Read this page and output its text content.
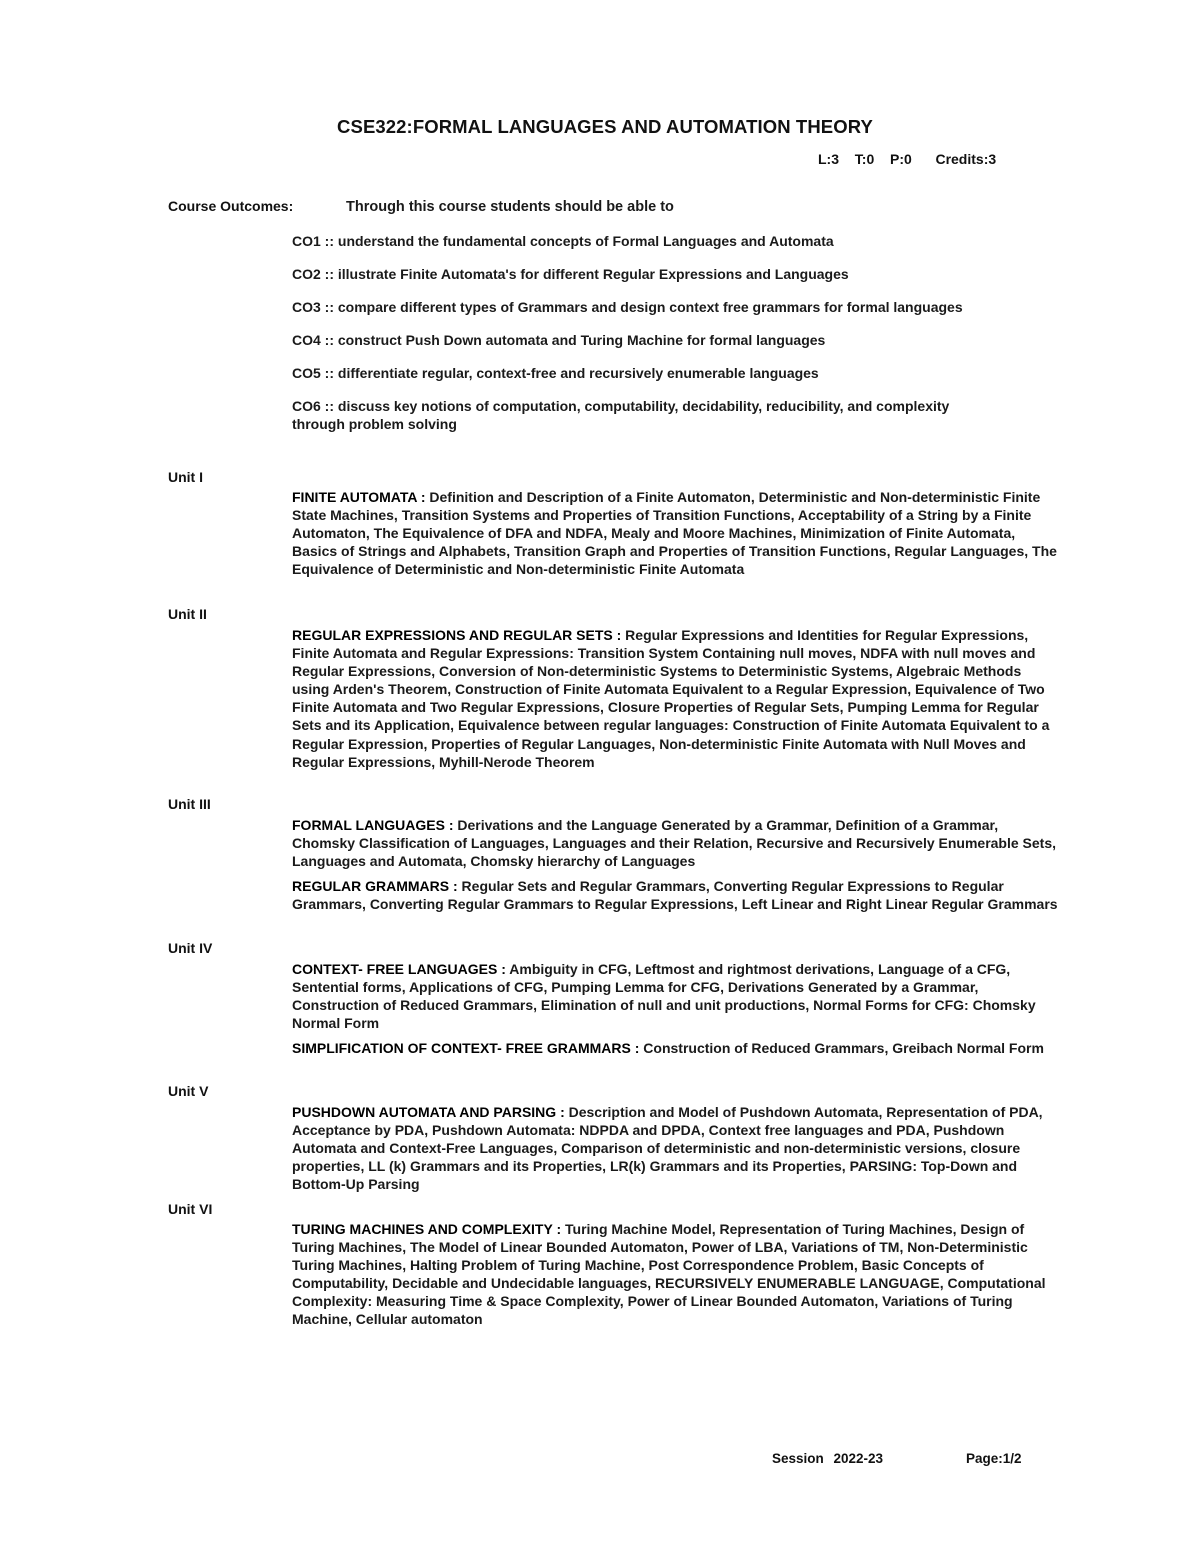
CSE322:FORMAL LANGUAGES AND AUTOMATION THEORY
L:3  T:0  P:0   Credits:3
Course Outcomes:	Through this course students should be able to
CO1 :: understand the fundamental concepts of Formal Languages and Automata
CO2 :: illustrate Finite Automata's for different Regular Expressions and Languages
CO3 :: compare different types of Grammars and design context free grammars for formal languages
CO4 :: construct Push Down automata and Turing Machine for formal languages
CO5 :: differentiate regular, context-free and recursively enumerable languages
CO6 :: discuss key notions of computation, computability, decidability, reducibility, and complexity through problem solving
Unit I

FINITE AUTOMATA : Definition and Description of a Finite Automaton, Deterministic and Non-deterministic Finite State Machines, Transition Systems and Properties of Transition Functions, Acceptability of a String by a Finite Automaton, The Equivalence of DFA and NDFA, Mealy and Moore Machines, Minimization of Finite Automata, Basics of Strings and Alphabets, Transition Graph and Properties of Transition Functions, Regular Languages, The Equivalence of Deterministic and Non-deterministic Finite Automata

Unit II

REGULAR EXPRESSIONS AND REGULAR SETS : Regular Expressions and Identities for Regular Expressions, Finite Automata and Regular Expressions: Transition System Containing null moves, NDFA with null moves and Regular Expressions, Conversion of Non-deterministic Systems to Deterministic Systems, Algebraic Methods using Arden's Theorem, Construction of Finite Automata Equivalent to a Regular Expression, Equivalence of Two Finite Automata and Two Regular Expressions, Closure Properties of Regular Sets, Pumping Lemma for Regular Sets and its Application, Equivalence between regular languages: Construction of Finite Automata Equivalent to a Regular Expression, Properties of Regular Languages, Non-deterministic Finite Automata with Null Moves and Regular Expressions, Myhill-Nerode Theorem

Unit III

FORMAL LANGUAGES : Derivations and the Language Generated by a Grammar, Definition of a Grammar, Chomsky Classification of Languages, Languages and their Relation, Recursive and Recursively Enumerable Sets, Languages and Automata, Chomsky hierarchy of Languages

REGULAR GRAMMARS : Regular Sets and Regular Grammars, Converting Regular Expressions to Regular Grammars, Converting Regular Grammars to Regular Expressions, Left Linear and Right Linear Regular Grammars

Unit IV

CONTEXT- FREE LANGUAGES : Ambiguity in CFG, Leftmost and rightmost derivations, Language of a CFG, Sentential forms, Applications of CFG, Pumping Lemma for CFG, Derivations Generated by a Grammar, Construction of Reduced Grammars, Elimination of null and unit productions, Normal Forms for CFG: Chomsky Normal Form

SIMPLIFICATION OF CONTEXT- FREE GRAMMARS : Construction of Reduced Grammars, Greibach Normal Form

Unit V

PUSHDOWN AUTOMATA AND PARSING : Description and Model of Pushdown Automata, Representation of PDA, Acceptance by PDA, Pushdown Automata: NDPDA and DPDA, Context free languages and PDA, Pushdown Automata and Context-Free Languages, Comparison of deterministic and non-deterministic versions, closure properties, LL (k) Grammars and its Properties, LR(k) Grammars and its Properties, PARSING: Top-Down and Bottom-Up Parsing

Unit VI

TURING MACHINES AND COMPLEXITY : Turing Machine Model, Representation of Turing Machines, Design of Turing Machines, The Model of Linear Bounded Automaton, Power of LBA, Variations of TM, Non-Deterministic Turing Machines, Halting Problem of Turing Machine, Post Correspondence Problem, Basic Concepts of Computability, Decidable and Undecidable languages, RECURSIVELY ENUMERABLE LANGUAGE, Computational Complexity: Measuring Time & Space Complexity, Power of Linear Bounded Automaton, Variations of Turing Machine, Cellular automaton

Session 2022-23	Page:1/2
